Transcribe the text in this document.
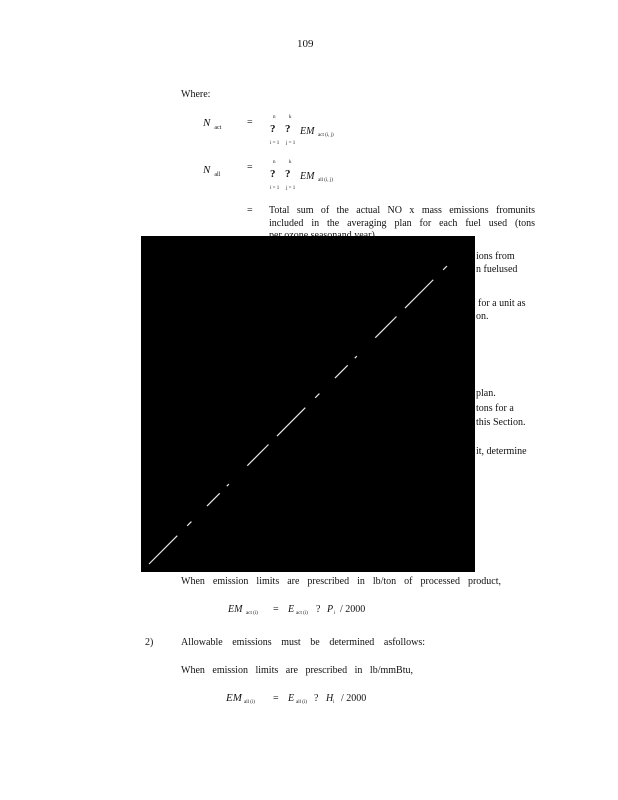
109
Where:
N act	=	n	k
? ?
i = 1 j = 1
EM act (i, j)
N all
=	n	k
? ?
i = 1 j = 1
EM all (i, j)
= Total sum of the actual NO x mass emissions fromunits
included in the averaging plan for each fuel used (tons
ions from
n fuelused
for a unit as
on.
plan.
tons for a
this Section.
it, determine
When emission limits are prescribed in lb/ton of processed product,
EM act (i) = E act (i) ? P i / 2000
2)	Allowable emissions must be determined asfollows:
When emission limits are prescribed in lb/mmBtu,
EM all (i) = E all (i) ? H i / 2000
